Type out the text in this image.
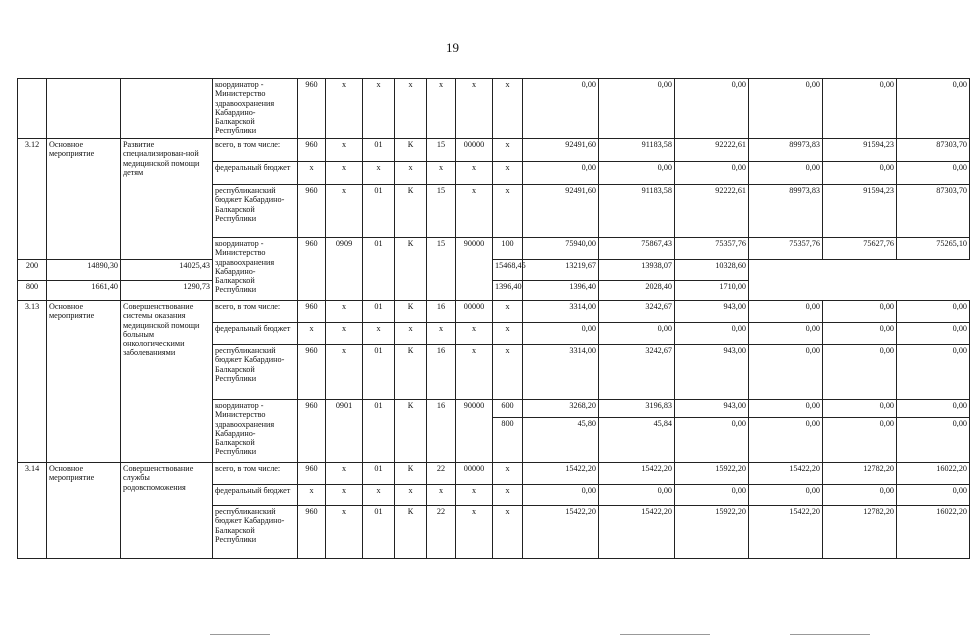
19
			координатор - Министерство здравоохранения Кабардино-Балкарской Республики	960	x	x	x	x	x	x	0,00	0,00	0,00	0,00	0,00	0,00
3.12	Основное мероприятие	Развитие специализирован-ной медицинской помощи детям	всего, в том числе:	960	x	01	К	15	00000	x	92491,60	91183,58	92222,61	89973,83	91594,23	87303,70
			федеральный бюджет	x	x	x	x	x	x	x	0,00	0,00	0,00	0,00	0,00	0,00
			республиканский бюджет Кабардино-Балкарской Республики	960	x	01	К	15	x	x	92491,60	91183,58	92222,61	89973,83	91594,23	87303,70
			координатор - Министерство здравоохранения Кабардино-Балкарской Республики	960	0909	01	К	15	90000	100	75940,00	75867,43	75357,76	75357,76	75627,76	75265,10
200	14890,30	14025,43								15468,45	13219,67	13938,07	10328,60			
800	1661,40	1290,73								1396,40	1396,40	2028,40	1710,00			
3.13	Основное мероприятие	Совершенствование системы оказания медицинской помощи больным онкологическими заболеваниями	всего, в том числе:	960	x	01	К	16	00000	x	3314,00	3242,67	943,00	0,00	0,00	0,00
			федеральный бюджет	x	x	x	x	x	x	x	0,00	0,00	0,00	0,00	0,00	0,00
			республиканский бюджет Кабардино-Балкарской Республики	960	x	01	К	16	x	x	3314,00	3242,67	943,00	0,00	0,00	0,00
			координатор - Министерство здравоохранения Кабардино-Балкарской Республики	960	0901	01	К	16	90000	600	3268,20	3196,83	943,00	0,00	0,00	0,00
										800	45,80	45,84	0,00	0,00	0,00	0,00
3.14	Основное мероприятие	Совершенствование службы родовспоможения	всего, в том числе:	960	x	01	К	22	00000	x	15422,20	15422,20	15922,20	15422,20	12782,20	16022,20
			федеральный бюджет	x	x	x	x	x	x	x	0,00	0,00	0,00	0,00	0,00	0,00
			республиканский бюджет Кабардино-Балкарской Республики	960	x	01	К	22	x	x	15422,20	15422,20	15922,20	15422,20	12782,20	16022,20
